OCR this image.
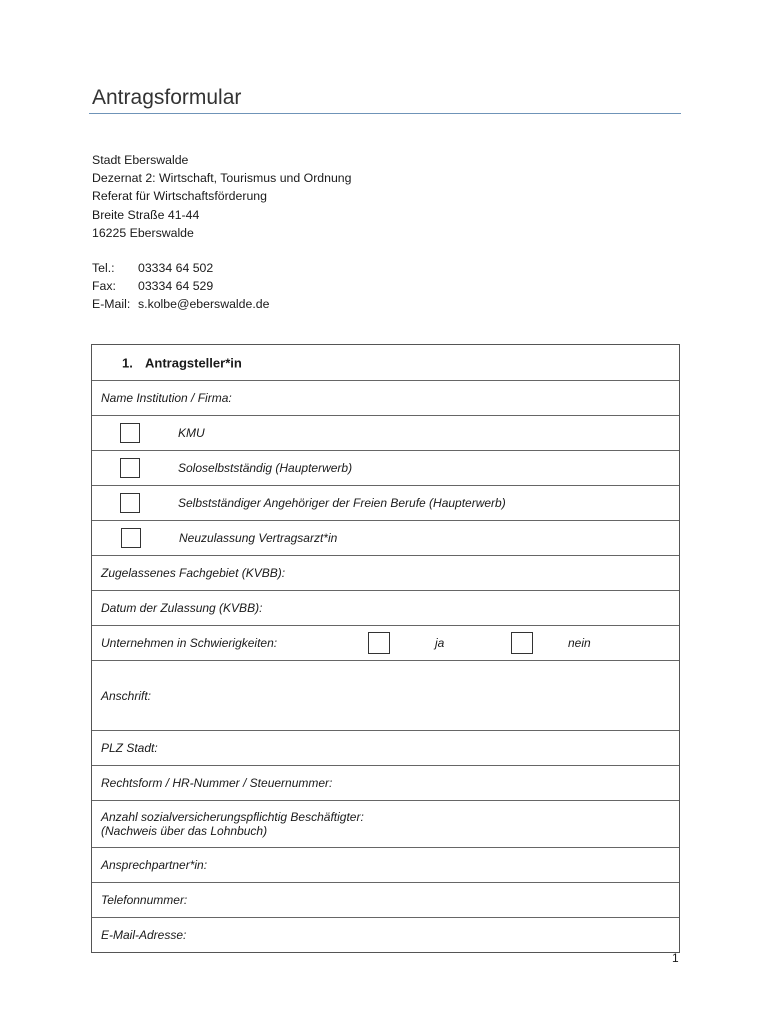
Antragsformular
Stadt Eberswalde
Dezernat 2: Wirtschaft, Tourismus und Ordnung
Referat für Wirtschaftsförderung
Breite Straße 41-44
16225 Eberswalde
Tel.:	03334 64 502
Fax:	03334 64 529
E-Mail: s.kolbe@eberswalde.de
1. Antragsteller*in
Name Institution / Firma:
KMU
Soloselbstständig (Haupterwerb)
Selbstständiger Angehöriger der Freien Berufe (Haupterwerb)
Neuzulassung Vertragsarzt*in
Zugelassenes Fachgebiet (KVBB):
Datum der Zulassung (KVBB):
Unternehmen in Schwierigkeiten:	ja	nein
Anschrift:
PLZ Stadt:
Rechtsform / HR-Nummer / Steuernummer:
Anzahl sozialversicherungspflichtig Beschäftigter:
(Nachweis über das Lohnbuch)
Ansprechpartner*in:
Telefonnummer:
E-Mail-Adresse:
1
